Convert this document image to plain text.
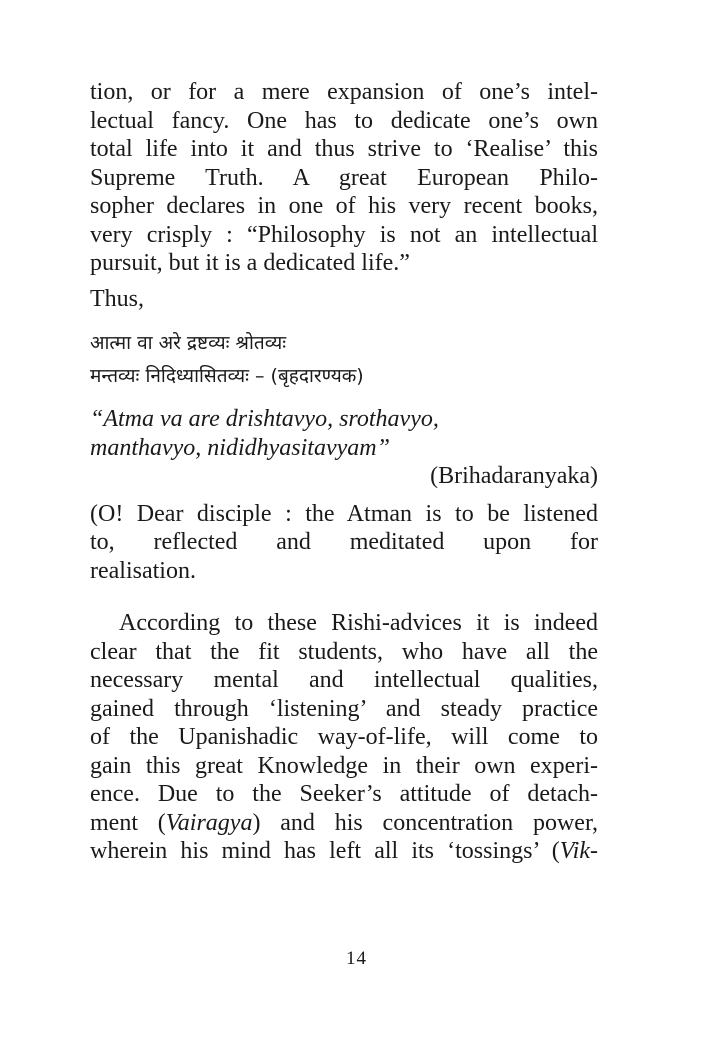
tion, or for a mere expansion of one’s intel-
lectual fancy. One has to dedicate one’s own
total life into it and thus strive to ‘Realise’ this
Supreme Truth. A great European Philo-
sopher declares in one of his very recent books,
very crisply : “Philosophy is not an intellectual
pursuit, but it is a dedicated life.”
Thus,
आत्मा वा अरे द्रष्टव्यः श्रोतव्यः
मन्तव्यः निदिध्यासितव्यः – (बृहदारण्यक)
“Atma va are drishtavyo, srothavyo,
manthavyo, nididhyasitavyam”
(Brihadaranyaka)
(O! Dear disciple : the Atman is to be listened
to, reflected and meditated upon for
realisation.
According to these Rishi-advices it is indeed
clear that the fit students, who have all the
necessary mental and intellectual qualities,
gained through ‘listening’ and steady practice
of the Upanishadic way-of-life, will come to
gain this great Knowledge in their own experi-
ence. Due to the Seeker’s attitude of detach-
ment (Vairagya) and his concentration power,
wherein his mind has left all its ‘tossings’ (Vik-
14
